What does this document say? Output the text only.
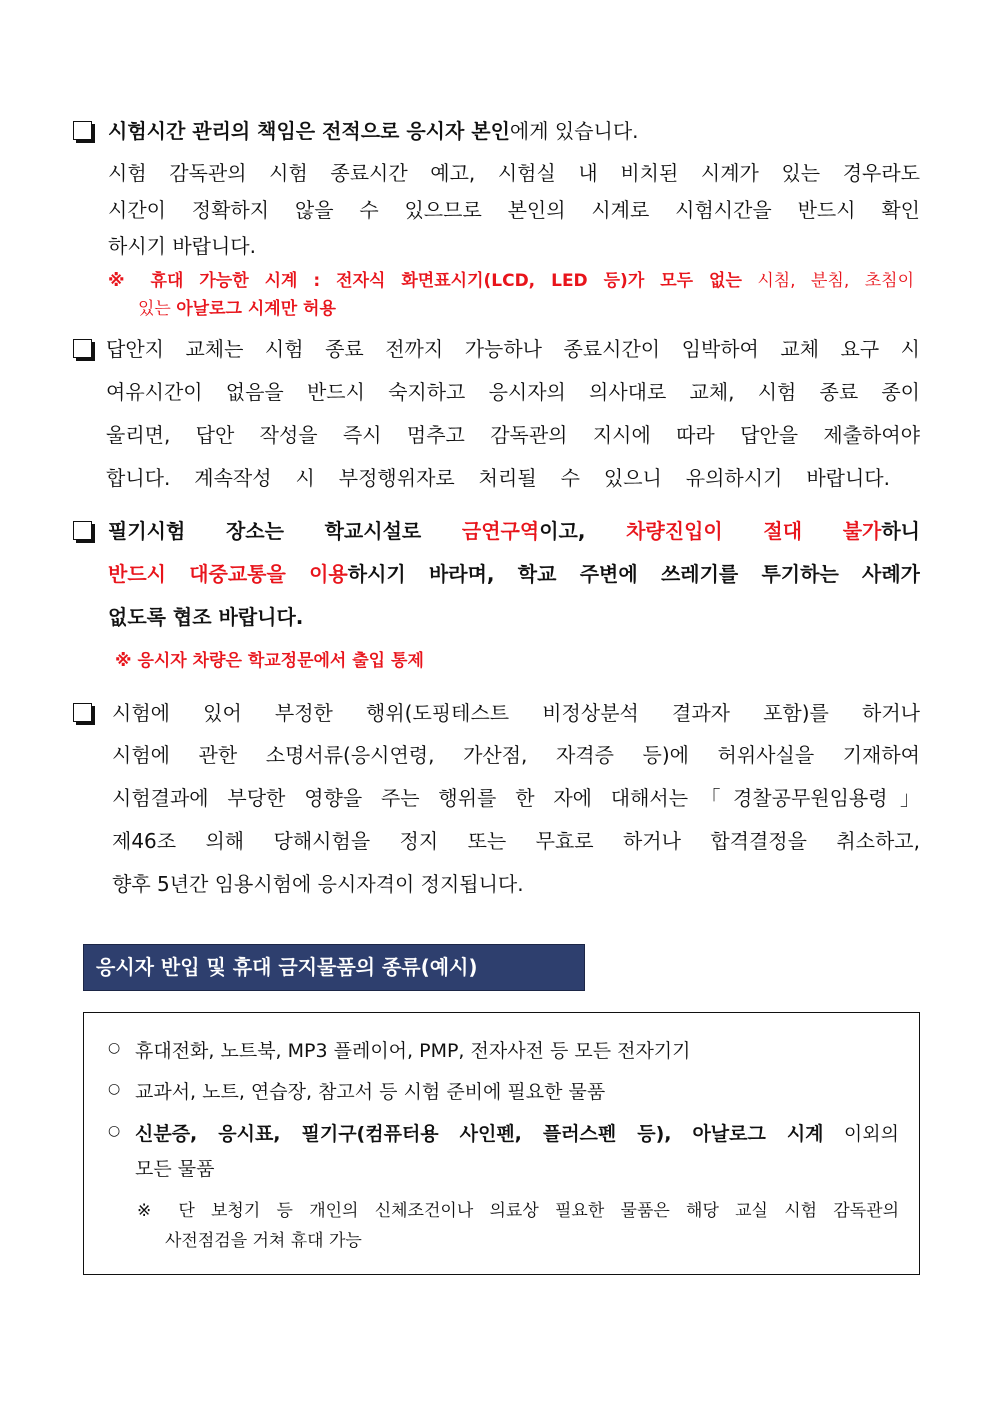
시험시간 관리의 책임은 전적으로 응시자 본인에게 있습니다.
시험 감독관의 시험 종료시간 예고, 시험실 내 비치된 시계가 있는 경우라도
시간이 정확하지 않을 수 있으므로 본인의 시계로 시험시간을 반드시 확인
하시기 바랍니다.
※ 휴대 가능한 시계 : 전자식 화면표시기(LCD, LED 등)가 모두 없는 시침, 분침, 초침이
있는 아날로그 시계만 허용
답안지 교체는 시험 종료 전까지 가능하나 종료시간이 임박하여 교체 요구 시
여유시간이 없음을 반드시 숙지하고 응시자의 의사대로 교체, 시험 종료 종이
울리면, 답안 작성을 즉시 멈추고 감독관의 지시에 따라 답안을 제출하여야
합니다. 계속작성 시 부정행위자로 처리될 수 있으니 유의하시기 바랍니다.
필기시험 장소는 학교시설로 금연구역이고, 차량진입이 절대 불가하니
반드시 대중교통을 이용하시기 바라며, 학교 주변에 쓰레기를 투기하는 사례가
없도록 협조 바랍니다.
※ 응시자 차량은 학교정문에서 출입 통제
시험에 있어 부정한 행위(도핑테스트 비정상분석 결과자 포함)를 하거나
시험에 관한 소명서류(응시연령, 가산점, 자격증 등)에 허위사실을 기재하여
시험결과에 부당한 영향을 주는 행위를 한 자에 대해서는「경찰공무원임용령」
제46조 의해 당해시험을 정지 또는 무효로 하거나 합격결정을 취소하고,
향후 5년간 임용시험에 응시자격이 정지됩니다.
응시자 반입 및 휴대 금지물품의 종류(예시)
○
○
○
휴대전화, 노트북, MP3 플레이어, PMP, 전자사전 등 모든 전자기기
교과서, 노트, 연습장, 참고서 등 시험 준비에 필요한 물품
신분증, 응시표, 필기구(컴퓨터용 사인펜, 플러스펜 등), 아날로그 시계 이외의
모든 물품
※ 단 보청기 등 개인의 신체조건이나 의료상 필요한 물품은 해당 교실 시험 감독관의
사전점검을 거쳐 휴대 가능
